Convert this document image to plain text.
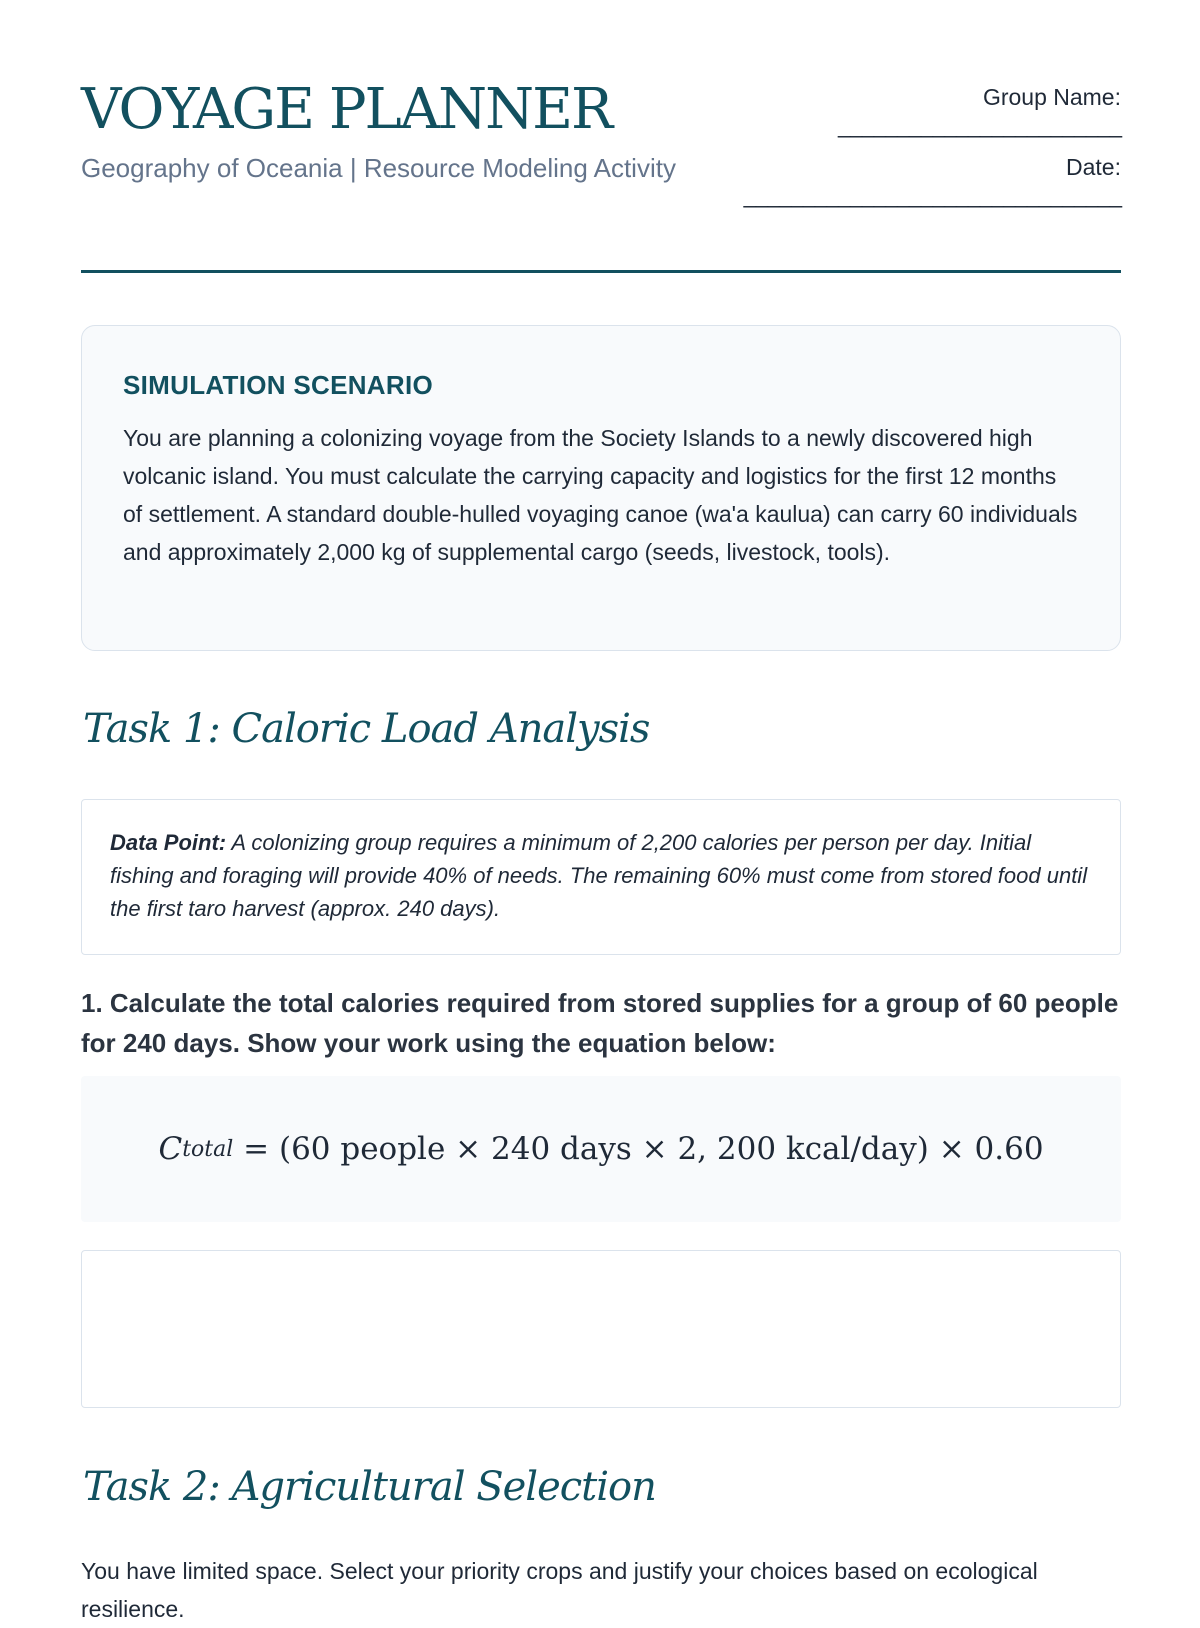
VOYAGE PLANNER

Geography of Oceania | Resource Modeling Activity

Group Name:
________________________
Date:
________________________________
SIMULATION SCENARIO

You are planning a colonizing voyage from the Society Islands to a newly discovered high volcanic island. You must calculate the carrying capacity and logistics for the first 12 months of settlement. A standard double-hulled voyaging canoe (wa'a kaulua) can carry 60 individuals and approximately 2,000 kg of supplemental cargo (seeds, livestock, tools).

Task 1: Caloric Load Analysis
Data Point: A colonizing group requires a minimum of 2,200 calories per person per day. Initial fishing and foraging will provide 40% of needs. The remaining 60% must come from stored food until the first taro harvest (approx. 240 days).

1. Calculate the total calories required from stored supplies for a group of 60 people for 240 days. Show your work using the equation below:

C total
= (60 people × 240 days × 2, 200 kcal/day) × 0.60
Task 2: Agricultural Selection

You have limited space. Select your priority crops and justify your choices based on ecological resilience.
